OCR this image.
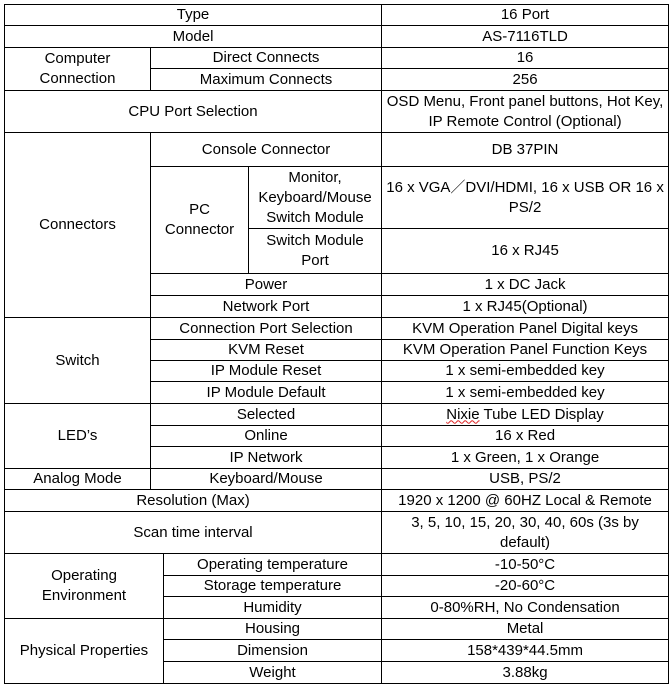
Type				16 Port
Model				AS-7116TLD
Computer Connection	Direct Connects			16
	Maximum Connects			256
CPU Port Selection				OSD Menu, Front panel buttons, Hot Key, IP Remote Control (Optional)
Connectors	Console Connector			DB 37PIN
	PC Connector		Monitor, Keyboard/Mouse Switch Module	16 x VGA／DVI/HDMI, 16 x USB OR 16 x PS/2
			Switch Module Port	16 x RJ45
	Power			1 x DC Jack
	Network Port			1 x RJ45(Optional)
Switch	Connection Port Selection			KVM Operation Panel Digital keys
	KVM Reset			KVM Operation Panel Function Keys
	IP Module Reset			1 x semi-embedded key
	IP Module Default			1 x semi-embedded key
LED’s	Selected			Nixie Tube LED Display
	Online			16 x Red
	IP Network			1 x Green, 1 x Orange
Analog Mode	Keyboard/Mouse			USB, PS/2
Resolution (Max)				1920 x 1200 @ 60HZ Local & Remote
Scan time interval				3, 5, 10, 15, 20, 30, 40, 60s (3s by default)
Operating Environment		Operating temperature		-10-50°C
		Storage temperature		-20-60°C
		Humidity		0-80%RH, No Condensation
Physical Properties		Housing		Metal
		Dimension		158*439*44.5mm
		Weight		3.88kg
